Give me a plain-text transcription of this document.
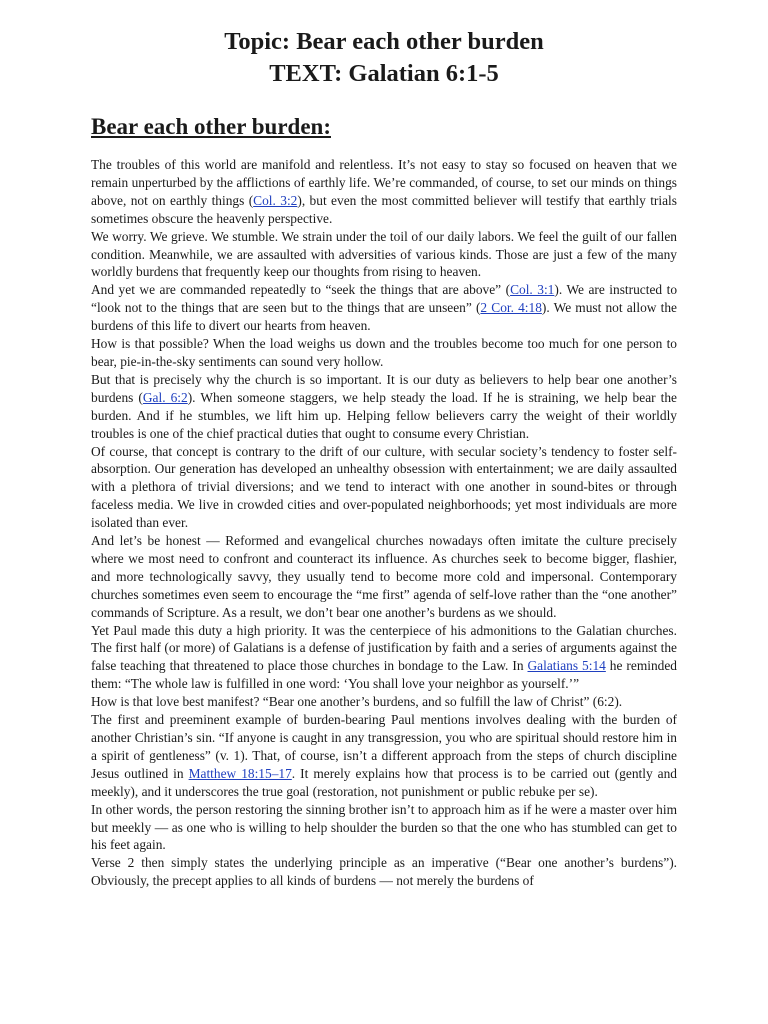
Topic: Bear each other burden
TEXT: Galatian 6:1-5
Bear each other burden:

The troubles of this world are manifold and relentless. It’s not easy to stay so focused on heaven that we remain unperturbed by the afflictions of earthly life. We’re commanded, of course, to set our minds on things above, not on earthly things (Col. 3:2), but even the most committed believer will testify that earthly trials sometimes obscure the heavenly perspective.

We worry. We grieve. We stumble. We strain under the toil of our daily labors. We feel the guilt of our fallen condition. Meanwhile, we are assaulted with adversities of various kinds. Those are just a few of the many worldly burdens that frequently keep our thoughts from rising to heaven.

And yet we are commanded repeatedly to “seek the things that are above” (Col. 3:1). We are instructed to “look not to the things that are seen but to the things that are unseen” (2 Cor. 4:18). We must not allow the burdens of this life to divert our hearts from heaven.

How is that possible? When the load weighs us down and the troubles become too much for one person to bear, pie-in-the-sky sentiments can sound very hollow.

But that is precisely why the church is so important. It is our duty as believers to help bear one another’s burdens (Gal. 6:2). When someone staggers, we help steady the load. If he is straining, we help bear the burden. And if he stumbles, we lift him up. Helping fellow believers carry the weight of their worldly troubles is one of the chief practical duties that ought to consume every Christian.

Of course, that concept is contrary to the drift of our culture, with secular society’s tendency to foster self-absorption. Our generation has developed an unhealthy obsession with entertainment; we are daily assaulted with a plethora of trivial diversions; and we tend to interact with one another in sound-bites or through faceless media. We live in crowded cities and over-populated neighborhoods; yet most individuals are more isolated than ever.

And let’s be honest — Reformed and evangelical churches nowadays often imitate the culture precisely where we most need to confront and counteract its influence. As churches seek to become bigger, flashier, and more technologically savvy, they usually tend to become more cold and impersonal. Contemporary churches sometimes even seem to encourage the “me first” agenda of self-love rather than the “one another” commands of Scripture. As a result, we don’t bear one another’s burdens as we should.

Yet Paul made this duty a high priority. It was the centerpiece of his admonitions to the Galatian churches. The first half (or more) of Galatians is a defense of justification by faith and a series of arguments against the false teaching that threatened to place those churches in bondage to the Law. In Galatians 5:14 he reminded them: “The whole law is fulfilled in one word: ‘You shall love your neighbor as yourself.’”

How is that love best manifest? “Bear one another’s burdens, and so fulfill the law of Christ” (6:2).

The first and preeminent example of burden-bearing Paul mentions involves dealing with the burden of another Christian’s sin. “If anyone is caught in any transgression, you who are spiritual should restore him in a spirit of gentleness” (v. 1). That, of course, isn’t a different approach from the steps of church discipline Jesus outlined in Matthew 18:15–17. It merely explains how that process is to be carried out (gently and meekly), and it underscores the true goal (restoration, not punishment or public rebuke per se).

In other words, the person restoring the sinning brother isn’t to approach him as if he were a master over him but meekly — as one who is willing to help shoulder the burden so that the one who has stumbled can get to his feet again.

Verse 2 then simply states the underlying principle as an imperative (“Bear one another’s burdens”). Obviously, the precept applies to all kinds of burdens — not merely the burdens of
